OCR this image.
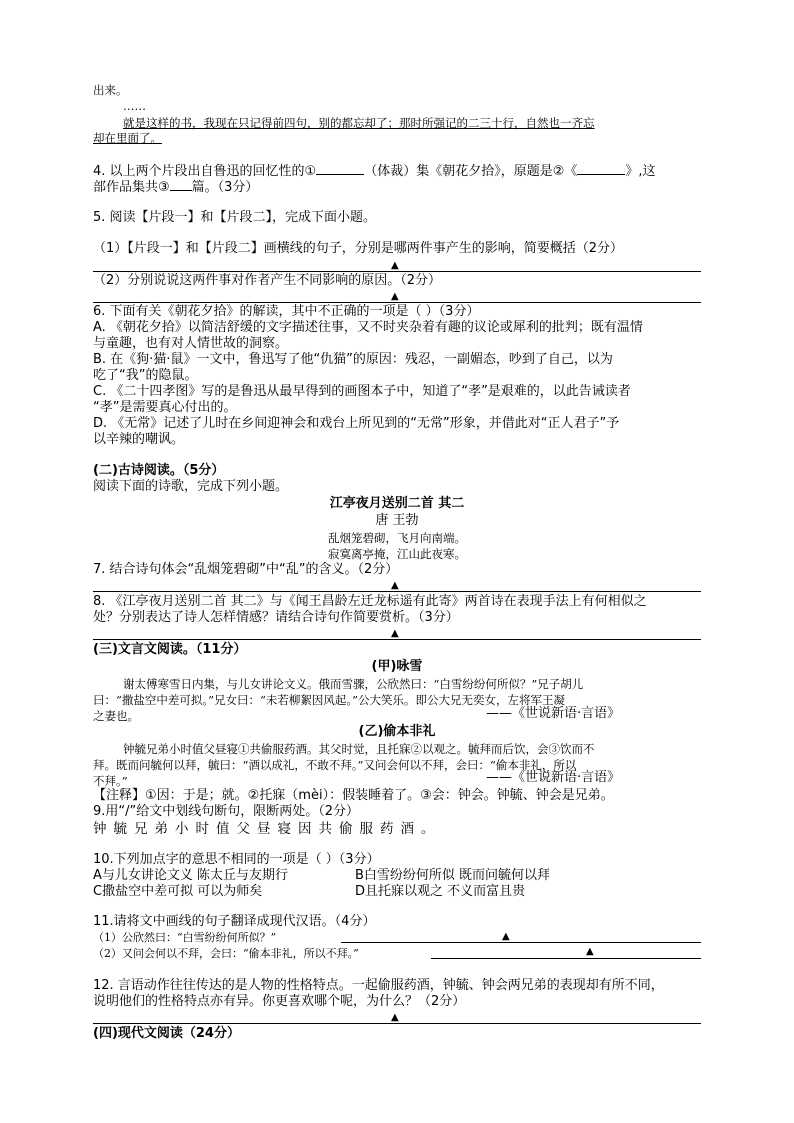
出来。
……
就是这样的书，我现在只记得前四句，别的都忘却了；那时所强记的二三十行，自然也一齐忘
却在里面了。
4. 以上两个片段出自鲁迅的回忆性的①	（体裁）集《朝花夕拾》，原题是②《	》,这
部作品集共③ 篇。（3分）
5. 阅读【片段一】和【片段二】，完成下面小题。
（1）【片段一】和【片段二】画横线的句子，分别是哪两件事产生的影响，简要概括（2分）
▲
（2）分别说说这两件事对作者产生不同影响的原因。（2分）
▲
6. 下面有关《朝花夕拾》的解读，其中不正确的一项是（ ）（3分）
A. 《朝花夕拾》以简洁舒缓的文字描述往事，又不时夹杂着有趣的议论或犀利的批判；既有温情
与童趣，也有对人情世故的洞察。
B. 在《狗·猫·鼠》一文中，鲁迅写了他“仇猫”的原因：残忍，一副媚态，吵到了自己，以为
吃了“我”的隐鼠。
C. 《二十四孝图》写的是鲁迅从最早得到的画图本子中，知道了“孝”是艰难的，以此告诫读者
“孝”是需要真心付出的。
D. 《无常》记述了儿时在乡间迎神会和戏台上所见到的“无常”形象，并借此对“正人君子”予
以辛辣的嘲讽。
(二)古诗阅读。（5分）
阅读下面的诗歌，完成下列小题。
江亭夜月送别二首 其二
唐 王勃
乱烟笼碧砌，飞月向南端。
寂寞离亭掩，江山此夜寒。
7. 结合诗句体会“乱烟笼碧砌”中“乱”的含义。（2分）
▲
8. 《江亭夜月送别二首 其二》与《闻王昌龄左迁龙标遥有此寄》两首诗在表现手法上有何相似之
处？分别表达了诗人怎样情感？请结合诗句作简要赏析。（3分）
▲
(三)文言文阅读。（11分）
(甲)咏雪
谢太傅寒雪日内集，与儿女讲论文义。俄而雪骤，公欣然曰：“白雪纷纷何所似？”兄子胡儿
曰：“撒盐空中差可拟。”兄女曰：“未若柳絮因风起。”公大笑乐。即公大兄无奕女，左将军王凝
之妻也。	——《世说新语·言语》
(乙)偷本非礼
钟毓兄弟小时值父昼寝①共偷服药酒。其父时觉，且托寐②以观之。毓拜而后饮，会③饮而不
拜。既而问毓何以拜，毓曰：“酒以成礼，不敢不拜。”又问会何以不拜，会曰：“偷本非礼，所以
不拜。”	——《世说新语·言语》
【注释】①因：于是；就。②托寐（mèi）：假装睡着了。③会：钟会。钟毓、钟会是兄弟。
9.用“/”给文中划线句断句，限断两处。（2分）
钟毓兄弟小时值父昼寝因共偷服药酒。
10.下列加点字的意思不相同的一项是（ ）（3分）
A与儿女讲论文义 陈太丘与友期行	B白雪纷纷何所似 既而问毓何以拜
C撒盐空中差可拟 可以为师矣	D且托寐以观之 不义而富且贵
11.请将文中画线的句子翻译成现代汉语。（4分）
（1）公欣然曰：“白雪纷纷何所似？”	▲
（2）又问会何以不拜，会曰：“偷本非礼，所以不拜。”	▲
12. 言语动作往往传达的是人物的性格特点。一起偷服药酒，钟毓、钟会两兄弟的表现却有所不同，
说明他们的性格特点亦有异。你更喜欢哪个呢，为什么？（2分）
▲
(四)现代文阅读（24分）
